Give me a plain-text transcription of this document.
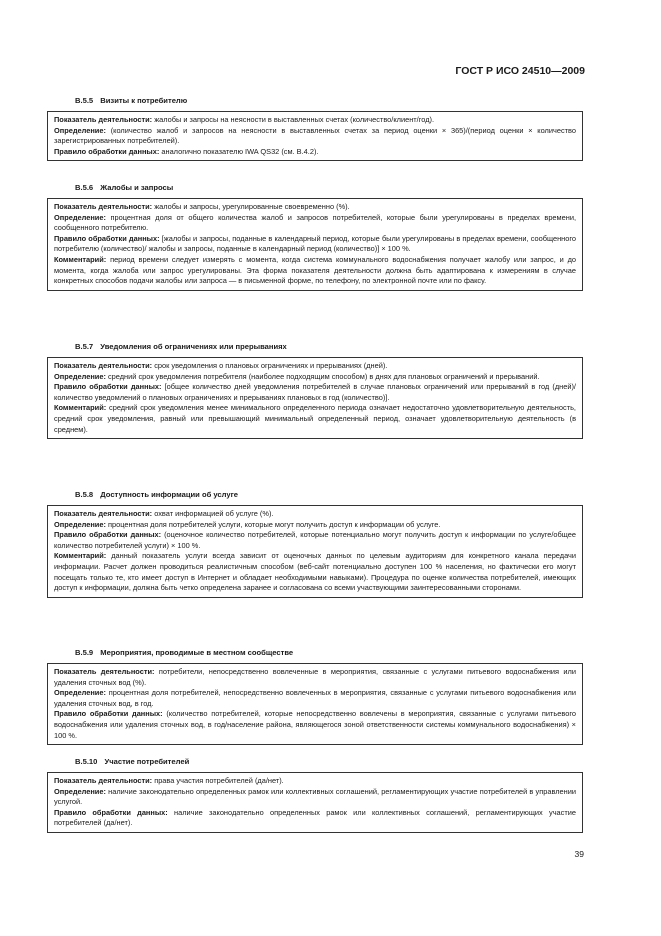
ГОСТ Р ИСО 24510—2009
B.5.5 Визиты к потребителю

Показатель деятельности: жалобы и запросы на неясности в выставленных счетах (количество/клиент/год).

Определение: (количество жалоб и запросов на неясности в выставленных счетах за период оценки × 365)/(период оценки × количество зарегистрированных потребителей).

Правило обработки данных: аналогично показателю IWA QS32 (см. B.4.2).

B.5.6 Жалобы и запросы

Показатель деятельности: жалобы и запросы, урегулированные своевременно (%).

Определение: процентная доля от общего количества жалоб и запросов потребителей, которые были урегулированы в пределах времени, сообщенного потребителю.

Правило обработки данных: [жалобы и запросы, поданные в календарный период, которые были урегулированы в пределах времени, сообщенного потребителю (количество)/ жалобы и запросы, поданные в календарный период (количество)] × 100 %.

Комментарий: период времени следует измерять с момента, когда система коммунального водоснабжения получает жалобу или запрос, и до момента, когда жалоба или запрос урегулированы. Эта форма показателя деятельности должна быть адаптирована к измерениям в случае конкретных способов подачи жалобы или запроса — в письменной форме, по телефону, по электронной почте или по факсу.

B.5.7 Уведомления об ограничениях или прерываниях

Показатель деятельности: срок уведомления о плановых ограничениях и прерываниях (дней).

Определение: средний срок уведомления потребителя (наиболее подходящим способом) в днях для плановых ограничений и прерываний.

Правило обработки данных: [общее количество дней уведомления потребителей в случае плановых ограничений или прерываний в год (дней)/ количество уведомлений о плановых ограничениях и прерываниях плановых в год (количество)].

Комментарий: средний срок уведомления менее минимального определенного периода означает недостаточно удовлетворительную деятельность, средний срок уведомления, равный или превышающий минимальный определенный период, означает удовлетворительную деятельность (в среднем).

B.5.8 Доступность информации об услуге

Показатель деятельности: охват информацией об услуге (%).

Определение: процентная доля потребителей услуги, которые могут получить доступ к информации об услуге.

Правило обработки данных: (оценочное количество потребителей, которые потенциально могут получить доступ к информации по услуге/общее количество потребителей услуги) × 100 %.

Комментарий: данный показатель услуги всегда зависит от оценочных данных по целевым аудиториям для конкретного канала передачи информации. Расчет должен проводиться реалистичным способом (веб-сайт потенциально доступен 100 % населения, но фактически его могут посещать только те, кто имеет доступ в Интернет и обладает необходимыми навыками). Процедура по оценке количества потребителей, имеющих доступ к информации, должна быть четко определена заранее и согласована со всеми участвующими заинтересованными сторонами.

B.5.9 Мероприятия, проводимые в местном сообществе

Показатель деятельности: потребители, непосредственно вовлеченные в мероприятия, связанные с услугами питьевого водоснабжения или удаления сточных вод (%).

Определение: процентная доля потребителей, непосредственно вовлеченных в мероприятия, связанные с услугами питьевого водоснабжения или удаления сточных вод, в год.

Правило обработки данных: (количество потребителей, которые непосредственно вовлечены в мероприятия, связанные с услугами питьевого водоснабжения или удаления сточных вод, в год/население района, являющегося зоной ответственности системы коммунального водоснабжения) × 100 %.

B.5.10 Участие потребителей

Показатель деятельности: права участия потребителей (да/нет).

Определение: наличие законодательно определенных рамок или коллективных соглашений, регламентирующих участие потребителей в управлении услугой.

Правило обработки данных: наличие законодательно определенных рамок или коллективных соглашений, регламентирующих участие потребителей (да/нет).

39
